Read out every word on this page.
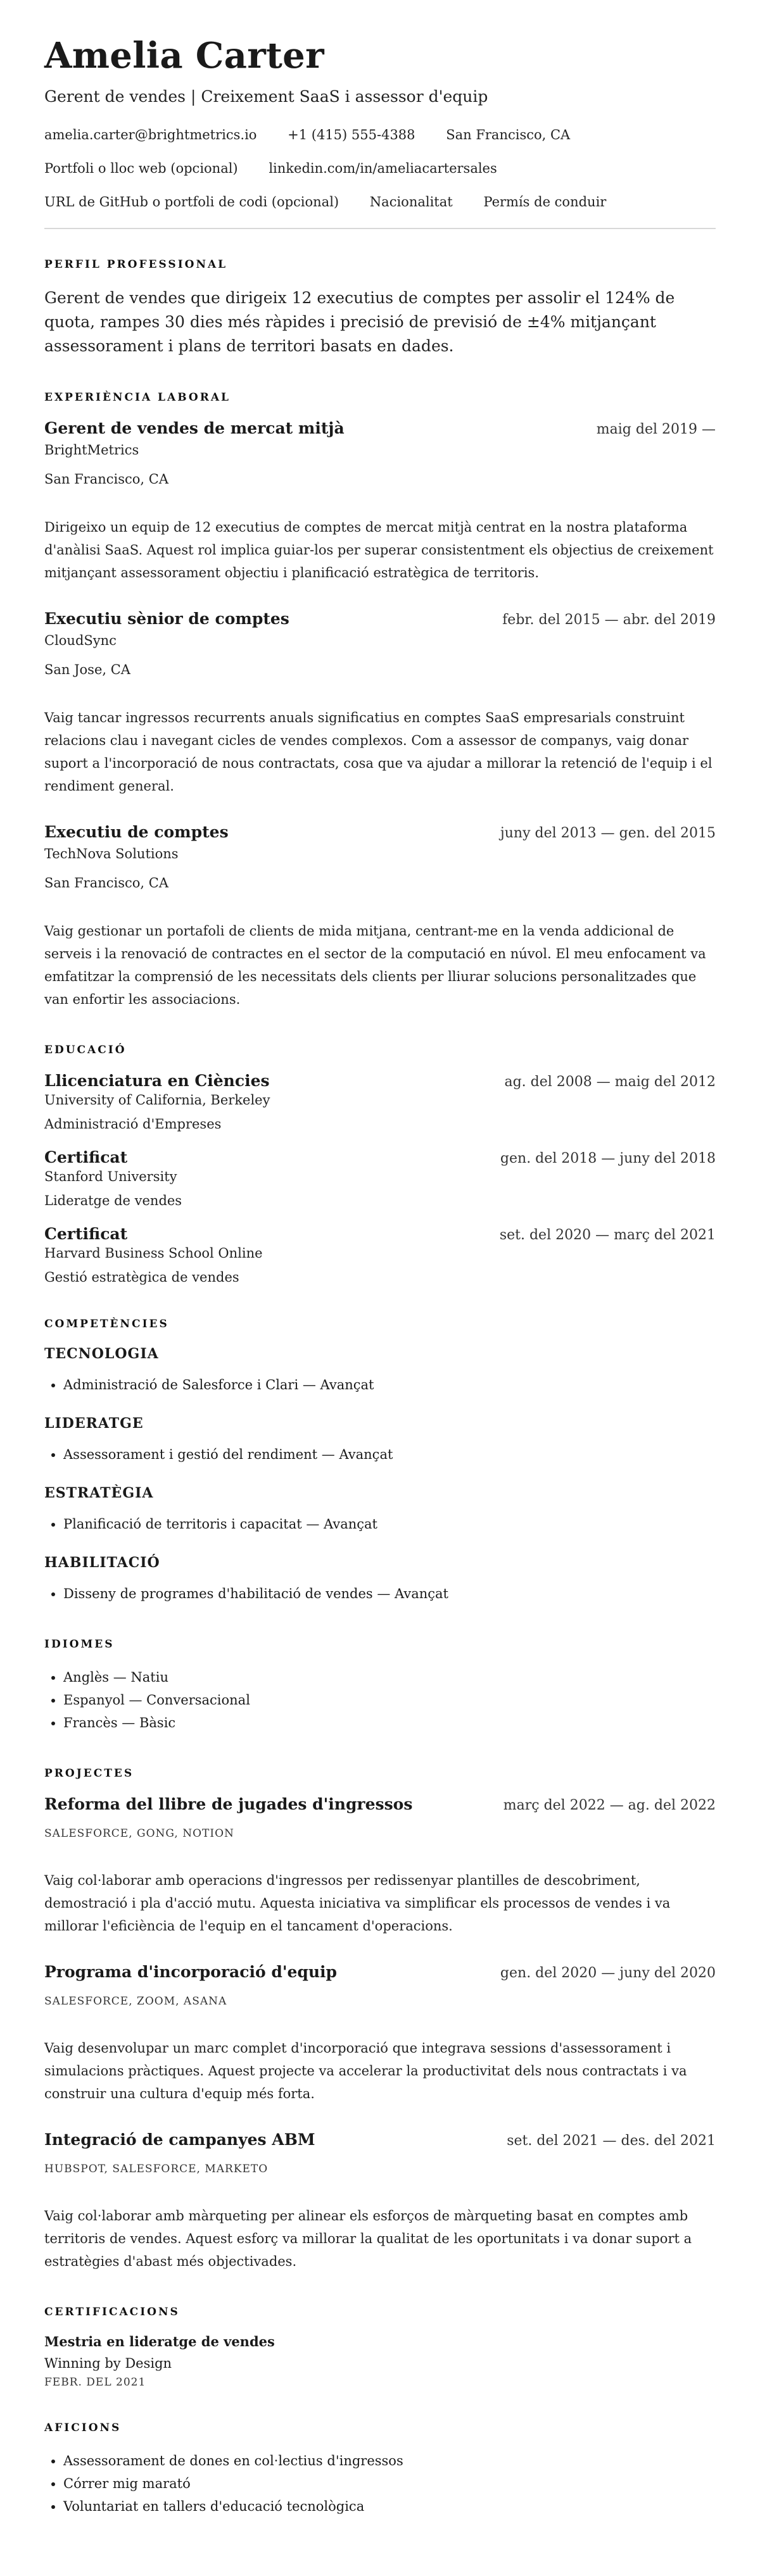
Amelia Carter
Gerent de vendes | Creixement SaaS i assessor d'equip
amelia.carter@brightmetrics.io +1 (415) 555-4388 San Francisco, CA
Portfoli o lloc web (opcional) linkedin.com/in/ameliacartersales
URL de GitHub o portfoli de codi (opcional) Nacionalitat Permís de conduir
PERFIL PROFESSIONAL
Gerent de vendes que dirigeix 12 executius de comptes per assolir el 124% de quota, rampes 30 dies més ràpides i precisió de previsió de ±4% mitjançant assessorament i plans de territori basats en dades.
EXPERIÈNCIA LABORAL
Gerent de vendes de mercat mitjà	maig del 2019 —
BrightMetrics
San Francisco, CA
Dirigeixo un equip de 12 executius de comptes de mercat mitjà centrat en la nostra plataforma d'anàlisi SaaS. Aquest rol implica guiar-los per superar consistentment els objectius de creixement mitjançant assessorament objectiu i planificació estratègica de territoris.
Executiu sènior de comptes	febr. del 2015 — abr. del 2019
CloudSync
San Jose, CA
Vaig tancar ingressos recurrents anuals significatius en comptes SaaS empresarials construint relacions clau i navegant cicles de vendes complexos. Com a assessor de companys, vaig donar suport a l'incorporació de nous contractats, cosa que va ajudar a millorar la retenció de l'equip i el rendiment general.
Executiu de comptes	juny del 2013 — gen. del 2015
TechNova Solutions
San Francisco, CA
Vaig gestionar un portafoli de clients de mida mitjana, centrant-me en la venda addicional de serveis i la renovació de contractes en el sector de la computació en núvol. El meu enfocament va emfatitzar la comprensió de les necessitats dels clients per lliurar solucions personalitzades que van enfortir les associacions.
EDUCACIÓ
Llicenciatura en Ciències	ag. del 2008 — maig del 2012
University of California, Berkeley
Administració d'Empreses
Certificat	gen. del 2018 — juny del 2018
Stanford University
Lideratge de vendes
Certificat	set. del 2020 — març del 2021
Harvard Business School Online
Gestió estratègica de vendes
COMPETÈNCIES
TECNOLOGIA
• Administració de Salesforce i Clari — Avançat
LIDERATGE
• Assessorament i gestió del rendiment — Avançat
ESTRATÈGIA
• Planificació de territoris i capacitat — Avançat
HABILITACIÓ
• Disseny de programes d'habilitació de vendes — Avançat
IDIOMES
• Anglès — Natiu
• Espanyol — Conversacional
• Francès — Bàsic
PROJECTES
Reforma del llibre de jugades d'ingressos	març del 2022 — ag. del 2022
SALESFORCE, GONG, NOTION
Vaig col·laborar amb operacions d'ingressos per redissenyar plantilles de descobriment, demostració i pla d'acció mutu. Aquesta iniciativa va simplificar els processos de vendes i va millorar l'eficiència de l'equip en el tancament d'operacions.
Programa d'incorporació d'equip	gen. del 2020 — juny del 2020
SALESFORCE, ZOOM, ASANA
Vaig desenvolupar un marc complet d'incorporació que integrava sessions d'assessorament i simulacions pràctiques. Aquest projecte va accelerar la productivitat dels nous contractats i va construir una cultura d'equip més forta.
Integració de campanyes ABM	set. del 2021 — des. del 2021
HUBSPOT, SALESFORCE, MARKETO
Vaig col·laborar amb màrqueting per alinear els esforços de màrqueting basat en comptes amb territoris de vendes. Aquest esforç va millorar la qualitat de les oportunitats i va donar suport a estratègies d'abast més objectivades.
CERTIFICACIONS
Mestria en lideratge de vendes
Winning by Design
FEBR. DEL 2021
AFICIONS
• Assessorament de dones en col·lectius d'ingressos
• Córrer mig marató
• Voluntariat en tallers d'educació tecnològica
